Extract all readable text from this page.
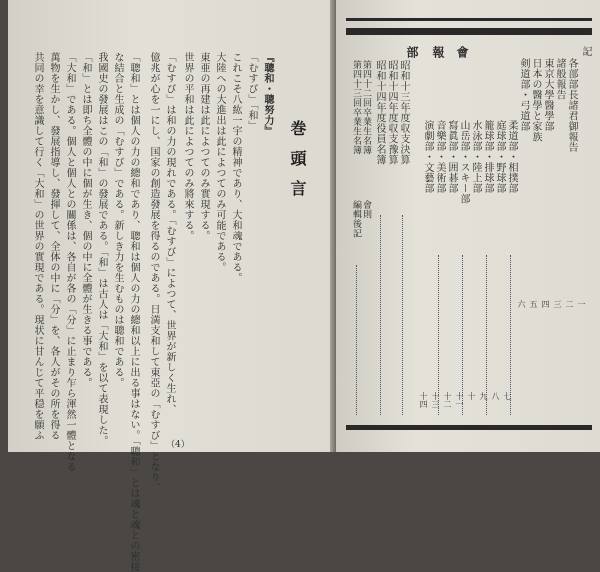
巻頭言
『聰和・聰努力』
「むすび」「和」
これこそ八紘一宇の精神であり、大和魂である。
大陸への大進出は此によつてのみ可能である。
東亜の再建は此によつてのみ實現する。
世界の平和は此によつてのみ將來する。
「むすび」は和の力の現れである。「むすび」によつて、世界が新しく生れ、
億兆が心を一にし、国家の創造發展を得るのである。日満支和して東亞の「むすび」となり、
「聰和」とは個人の力の總和であり、聰和は個人の力の總和以上に出る事はない。「聰和」とは魂と魂との密接
な結合と生成の「むすび」である。新しき力を生むものは聰和である。
我國史の發展はこの「和」の發展である。「和」は古人は「大和」を以て表現した。
「和」とは即ち全體の中に個が生き、個の中に全體が生きる事である。
「大和」である。個人と個人との關係は、各自が各の「分」に止まり乍ら渾然一體となる
萬物を生かし、發展指導し、發揮して、全体の中に「分」を、各人がその所を得る
共同の幸を意識して行く「大和」の世界の實現である。現状に甘んじて平穏を願ふ
（4）
會
報
部	記
各部部長諸君御報告
諸般報告
東京大學醫學部
日本の醫學と家族
剣道部・弓道部
柔道部・相撲部
庭球部・野球部
籠球部・排球部
水泳部・陸上部
山岳部・スキー部
寫眞部・囲碁部
音樂部・美術部
演劇部・文藝部
昭和十三年度収支決算
昭和十四年度収支豫算
昭和十四年度役員名簿
第四十二回卒業生名簿
第四十三回卒業生名簿
會則
編輯後記
一
二
三
四
五
六
七
八
九
十
十一
十二
十三
十四
